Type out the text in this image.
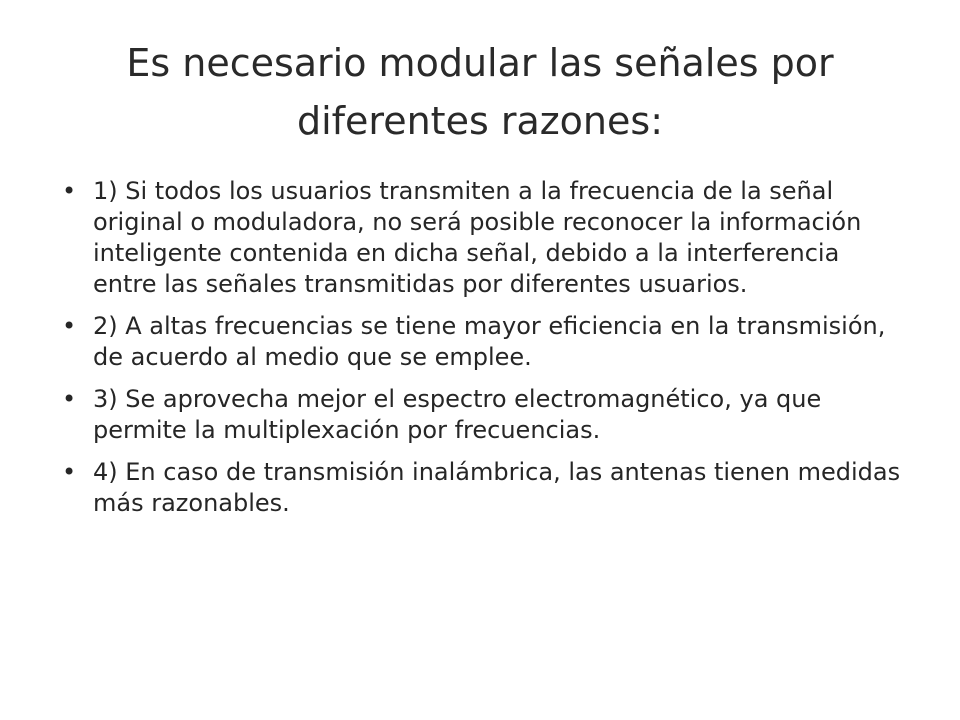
Es necesario modular las señales por diferentes razones:
• 1) Si todos los usuarios transmiten a la frecuencia de la señal original o moduladora, no será posible reconocer la información inteligente contenida en dicha señal, debido a la interferencia entre las señales transmitidas por diferentes usuarios.
• 2) A altas frecuencias se tiene mayor eficiencia en la transmisión, de acuerdo al medio que se emplee.
• 3) Se aprovecha mejor el espectro electromagnético, ya que permite la multiplexación por frecuencias.
• 4) En caso de transmisión inalámbrica, las antenas tienen medidas más razonables.
